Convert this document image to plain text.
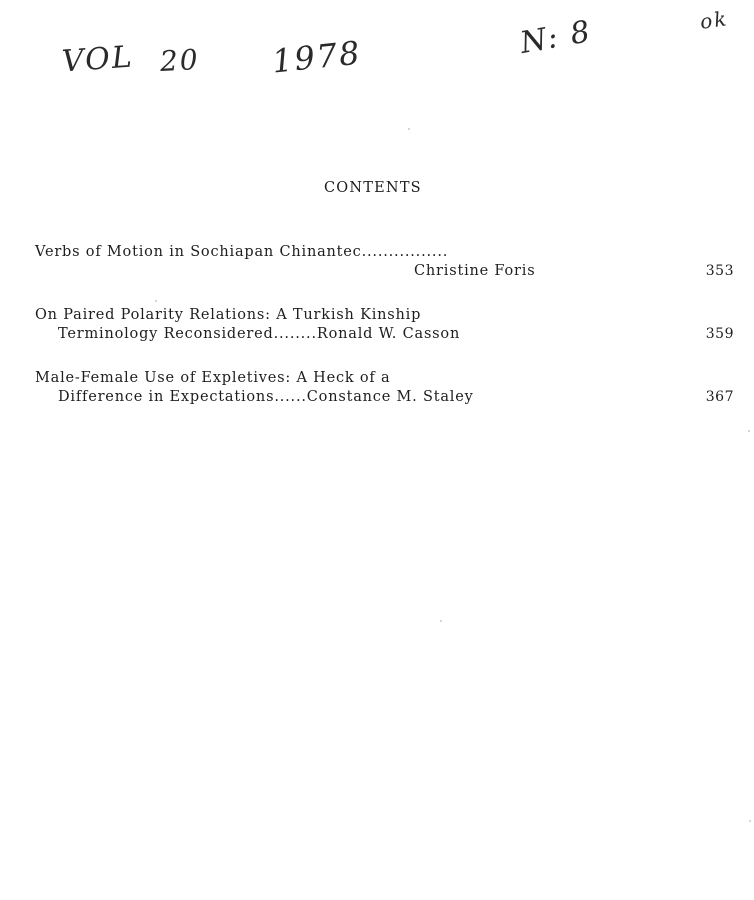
VOL 20 1978	N: 8	ok
CONTENTS
Verbs of Motion in Sochiapan Chinantec................
Christine Foris	353
On Paired Polarity Relations: A Turkish Kinship
Terminology Reconsidered........Ronald W. Casson	359
Male-Female Use of Expletives: A Heck of a
Difference in Expectations......Constance M. Staley	367
